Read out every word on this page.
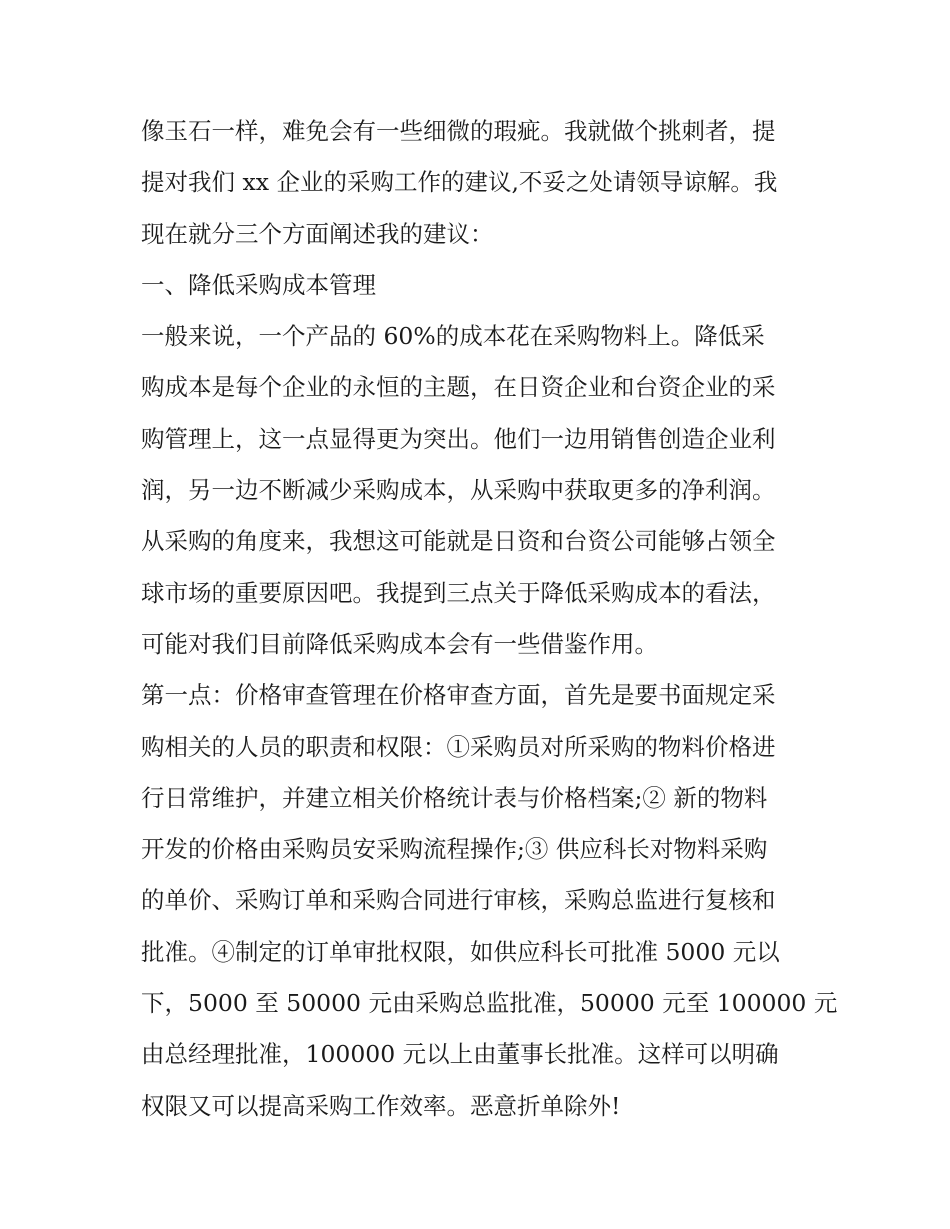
像玉石一样，难免会有一些细微的瑕疵。我就做个挑刺者，提
提对我们 xx 企业的采购工作的建议,不妥之处请领导谅解。我
现在就分三个方面阐述我的建议：
一、降低采购成本管理
一般来说，一个产品的 60%的成本花在采购物料上。降低采
购成本是每个企业的永恒的主题，在日资企业和台资企业的采
购管理上，这一点显得更为突出。他们一边用销售创造企业利
润，另一边不断减少采购成本，从采购中获取更多的净利润。
从采购的角度来，我想这可能就是日资和台资公司能够占领全
球市场的重要原因吧。我提到三点关于降低采购成本的看法，
可能对我们目前降低采购成本会有一些借鉴作用。
第一点：价格审查管理在价格审查方面，首先是要书面规定采
购相关的人员的职责和权限：①采购员对所采购的物料价格进
行日常维护，并建立相关价格统计表与价格档案;② 新的物料
开发的价格由采购员安采购流程操作;③ 供应科长对物料采购
的单价、采购订单和采购合同进行审核，采购总监进行复核和
批准。④制定的订单审批权限，如供应科长可批准 5000 元以
下，5000 至 50000 元由采购总监批准，50000 元至 100000 元
由总经理批准，100000 元以上由董事长批准。这样可以明确
权限又可以提高采购工作效率。恶意折单除外!
